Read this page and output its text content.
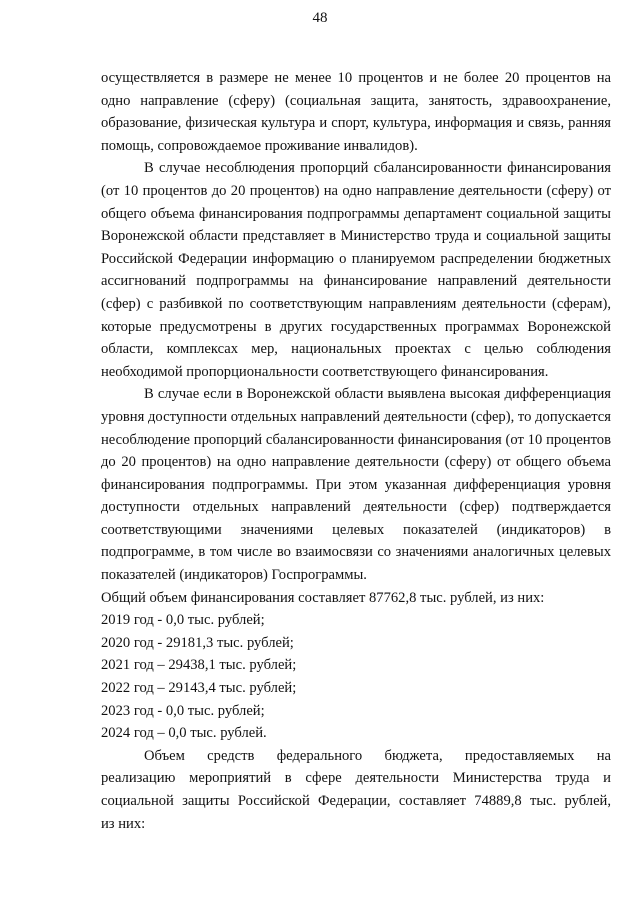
48

осуществляется в размере не менее 10 процентов и не более 20 процентов на

одно направление (сферу) (социальная защита, занятость, здравоохранение,

образование, физическая культура и спорт, культура, информация и связь, ранняя

помощь, сопровождаемое проживание инвалидов).

В случае несоблюдения пропорций сбалансированности финансирования

(от 10 процентов до 20 процентов) на одно направление деятельности (сферу) от

общего объема финансирования подпрограммы департамент социальной защиты

Воронежской области представляет в Министерство труда и социальной защиты

Российской Федерации информацию о планируемом распределении бюджетных

ассигнований подпрограммы на финансирование направлений деятельности

(сфер) с разбивкой по соответствующим направлениям деятельности (сферам),

которые предусмотрены в других государственных программах Воронежской

области, комплексах мер, национальных проектах с целью соблюдения

необходимой пропорциональности соответствующего финансирования.

В случае если в Воронежской области выявлена высокая дифференциация

уровня доступности отдельных направлений деятельности (сфер), то допускается

несоблюдение пропорций сбалансированности финансирования (от 10 процентов

до 20 процентов) на одно направление деятельности (сферу) от общего объема

финансирования подпрограммы. При этом указанная дифференциация уровня

доступности отдельных направлений деятельности (сфер) подтверждается

соответствующими значениями целевых показателей (индикаторов) в

подпрограмме, в том числе во взаимосвязи со значениями аналогичных целевых

показателей (индикаторов) Госпрограммы.

Общий объем финансирования составляет 87762,8 тыс. рублей, из них:

2019 год - 0,0 тыс. рублей;

2020 год - 29181,3 тыс. рублей;

2021 год – 29438,1 тыс. рублей;

2022 год – 29143,4 тыс. рублей;

2023 год - 0,0 тыс. рублей;

2024 год – 0,0 тыс. рублей.

Объем средств федерального бюджета, предоставляемых на

реализацию мероприятий в сфере деятельности Министерства труда и

социальной защиты Российской Федерации, составляет 74889,8 тыс. рублей,

из них:
